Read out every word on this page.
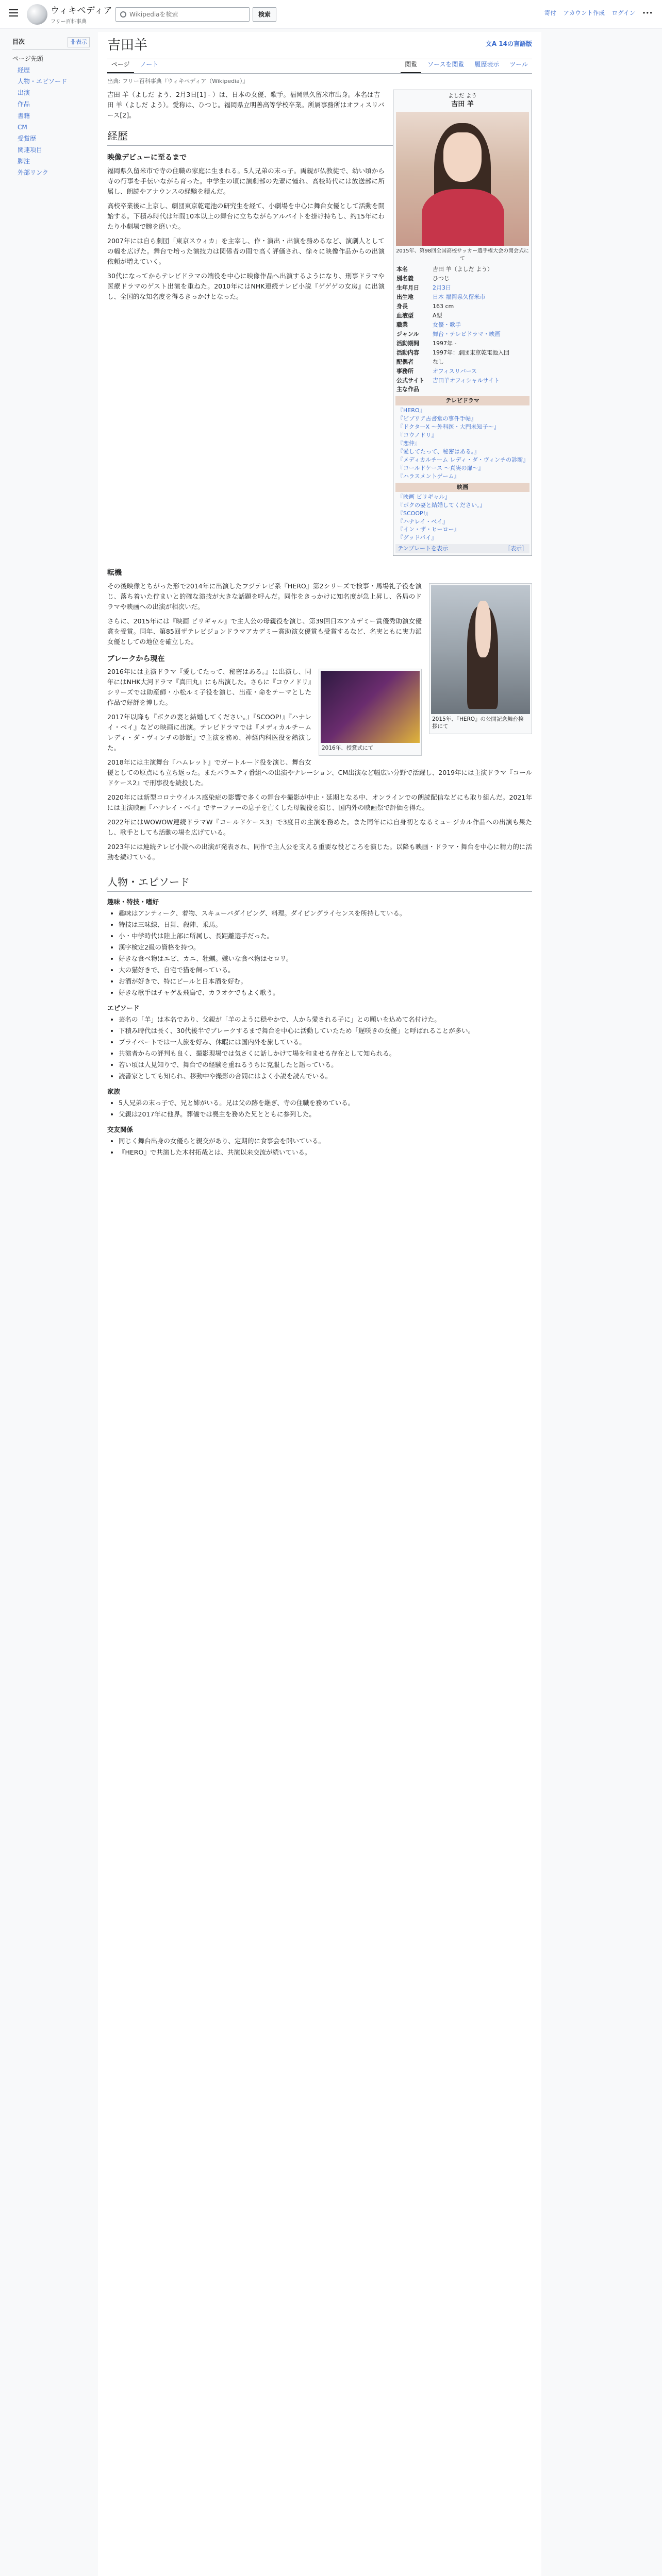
ウィキペディア
フリー百科事典
Wikipediaを検索
検索	寄付 アカウント作成 ログイン •••
目次	非表示
ページ先頭
経歴
人物・エピソード
出演
作品
書籍
CM
受賞歴
関連項目
脚注
外部リンク
吉田羊	文A 14の言語版
ページ ノート	閲覧 ソースを閲覧 履歴表示 ツール
出典: フリー百科事典『ウィキペディア（Wikipedia）』
よしだ よう
吉田 羊
2015年、第98回全国高校サッカー選手権大会の開会式にて
本名	吉田 羊（よしだ よう）
別名義	ひつじ
生年月日	2月3日
出生地	日本 福岡県久留米市
身長	163 cm
血液型	A型
職業	女優・歌手
ジャンル	舞台・テレビドラマ・映画
活動期間	1997年 -
活動内容	1997年：劇団東京乾電池入団
配偶者	なし
事務所	オフィスリバース
公式サイト	吉田羊オフィシャルサイト
主な作品
テレビドラマ
『HERO』
『ビブリア古書堂の事件手帖』
『ドクターX 〜外科医・大門未知子〜』
『コウノドリ』
『恋仲』
『愛してたって、秘密はある。』
『メディカルチーム レディ・ダ・ヴィンチの診断』
『コールドケース 〜真実の扉〜』
『ハラスメントゲーム』
映画
『映画 ビリギャル』
『ボクの妻と結婚してください。』
『SCOOP!』
『ハナレイ・ベイ』
『イン・ザ・ヒーロー』
『グッドバイ』
テンプレートを表示	［表示］

吉田 羊（よしだ よう、2月3日[1] - ）は、日本の女優、歌手。福岡県久留米市出身。本名は吉田 羊（よしだ よう）。愛称は、ひつじ。福岡県立明善高等学校卒業。所属事務所はオフィスリバース[2]。

経歴
映像デビューに至るまで

福岡県久留米市で寺の住職の家庭に生まれる。5人兄弟の末っ子。両親が仏教徒で、幼い頃から寺の行事を手伝いながら育った。中学生の頃に演劇部の先輩に憧れ、高校時代には放送部に所属し、朗読やアナウンスの経験を積んだ。

高校卒業後に上京し、劇団東京乾電池の研究生を経て、小劇場を中心に舞台女優として活動を開始する。下積み時代は年間10本以上の舞台に立ちながらアルバイトを掛け持ちし、約15年にわたり小劇場で腕を磨いた。

2007年には自ら劇団「東京スウィカ」を主宰し、作・演出・出演を務めるなど、演劇人としての幅を広げた。舞台で培った演技力は関係者の間で高く評価され、徐々に映像作品からの出演依頼が増えていく。

30代になってからテレビドラマの端役を中心に映像作品へ出演するようになり、刑事ドラマや医療ドラマのゲスト出演を重ねた。2010年にはNHK連続テレビ小説『ゲゲゲの女房』に出演し、全国的な知名度を得るきっかけとなった。

転機
2015年、『HERO』の公開記念舞台挨拶にて

その後映像とちがった形で2014年に出演したフジテレビ系『HERO』第2シリーズで検事・馬場礼子役を演じ、落ち着いた佇まいと的確な演技が大きな話題を呼んだ。同作をきっかけに知名度が急上昇し、各局のドラマや映画への出演が相次いだ。

さらに、2015年には『映画 ビリギャル』で主人公の母親役を演じ、第39回日本アカデミー賞優秀助演女優賞を受賞。同年、第85回ザテレビジョンドラマアカデミー賞助演女優賞も受賞するなど、名実ともに実力派女優としての地位を確立した。

ブレークから現在
2016年、授賞式にて

2016年には主演ドラマ『愛してたって、秘密はある。』に出演し、同年にはNHK大河ドラマ『真田丸』にも出演した。さらに『コウノドリ』シリーズでは助産師・小松ルミ子役を演じ、出産・命をテーマとした作品で好評を博した。

2017年以降も『ボクの妻と結婚してください。』『SCOOP!』『ハナレイ・ベイ』などの映画に出演。テレビドラマでは『メディカルチーム レディ・ダ・ヴィンチの診断』で主演を務め、神経内科医役を熱演した。

2018年には主演舞台『ハムレット』でガートルード役を演じ、舞台女優としての原点にも立ち返った。またバラエティ番組への出演やナレーション、CM出演など幅広い分野で活躍し、2019年には主演ドラマ『コールドケース2』で刑事役を続投した。

2020年には新型コロナウイルス感染症の影響で多くの舞台や撮影が中止・延期となる中、オンラインでの朗読配信などにも取り組んだ。2021年には主演映画『ハナレイ・ベイ』でサーファーの息子を亡くした母親役を演じ、国内外の映画祭で評価を得た。

2022年にはWOWOW連続ドラマW『コールドケース3』で3度目の主演を務めた。また同年には自身初となるミュージカル作品への出演も果たし、歌手としても活動の場を広げている。

2023年には連続テレビ小説への出演が発表され、同作で主人公を支える重要な役どころを演じた。以降も映画・ドラマ・舞台を中心に精力的に活動を続けている。

人物・エピソード
趣味・特技・嗜好
• 趣味はアンティーク、着物、スキューバダイビング、料理。ダイビングライセンスを所持している。
• 特技は三味線、日舞、殺陣、乗馬。
• 小・中学時代は陸上部に所属し、長距離選手だった。
• 漢字検定2級の資格を持つ。
• 好きな食べ物はエビ、カニ、牡蠣。嫌いな食べ物はセロリ。
• 大の猫好きで、自宅で猫を飼っている。
• お酒が好きで、特にビールと日本酒を好む。
• 好きな歌手はチャゲ＆飛鳥で、カラオケでもよく歌う。
エピソード
• 芸名の「羊」は本名であり、父親が「羊のように穏やかで、人から愛される子に」との願いを込めて名付けた。
• 下積み時代は長く、30代後半でブレークするまで舞台を中心に活動していたため「遅咲きの女優」と呼ばれることが多い。
• プライベートでは一人旅を好み、休暇には国内外を旅している。
• 共演者からの評判も良く、撮影現場では気さくに話しかけて場を和ませる存在として知られる。
• 若い頃は人見知りで、舞台での経験を重ねるうちに克服したと語っている。
• 読書家としても知られ、移動中や撮影の合間にはよく小説を読んでいる。
家族
• 5人兄弟の末っ子で、兄と姉がいる。兄は父の跡を継ぎ、寺の住職を務めている。
• 父親は2017年に他界。葬儀では喪主を務めた兄とともに参列した。
交友関係
• 同じく舞台出身の女優らと親交があり、定期的に食事会を開いている。
• 『HERO』で共演した木村拓哉とは、共演以来交流が続いている。
